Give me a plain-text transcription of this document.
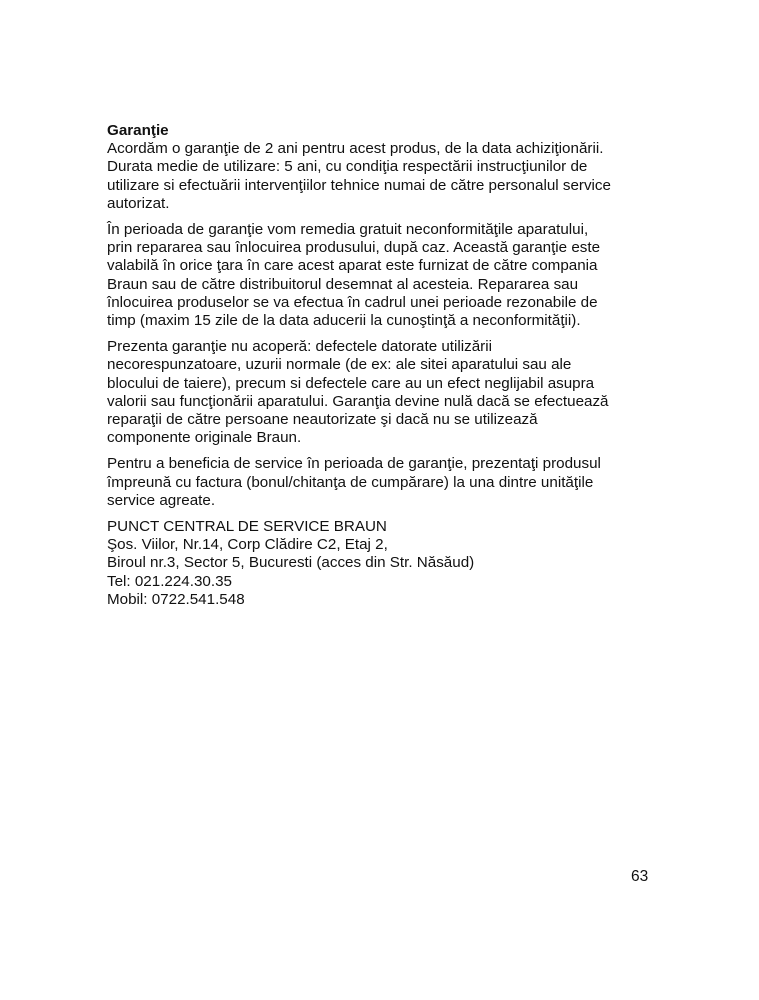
Garanţie

Acordăm o garanţie de 2 ani pentru acest produs, de la data achiziţionării.
Durata medie de utilizare: 5 ani, cu condiţia respectării instrucţiunilor de
utilizare si efectuării intervenţiilor tehnice numai de către personalul service
autorizat.

În perioada de garanţie vom remedia gratuit neconformităţile aparatului,
prin repararea sau înlocuirea produsului, după caz. Această garanţie este
valabilă în orice ţara în care acest aparat este furnizat de către compania
Braun sau de către distribuitorul desemnat al acesteia. Repararea sau
înlocuirea produselor se va efectua în cadrul unei perioade rezonabile de
timp (maxim 15 zile de la data aducerii la cunoştinţă a neconformităţii).

Prezenta garanţie nu acoperă: defectele datorate utilizării
necorespunzatoare, uzurii normale (de ex: ale sitei aparatului sau ale
blocului de taiere), precum si defectele care au un efect neglijabil asupra
valorii sau funcţionării aparatului. Garanţia devine nulă dacă se efectuează
reparaţii de către persoane neautorizate şi dacă nu se utilizează
componente originale Braun.

Pentru a beneficia de service în perioada de garanţie, prezentaţi produsul
împreună cu factura (bonul/chitanţa de cumpărare) la una dintre unităţile
service agreate.

PUNCT CENTRAL DE SERVICE BRAUN
Şos. Viilor, Nr.14, Corp Clădire C2, Etaj 2,
Biroul nr.3, Sector 5, Bucuresti (acces din Str. Năsăud)
Tel: 021.224.30.35
Mobil: 0722.541.548

63
